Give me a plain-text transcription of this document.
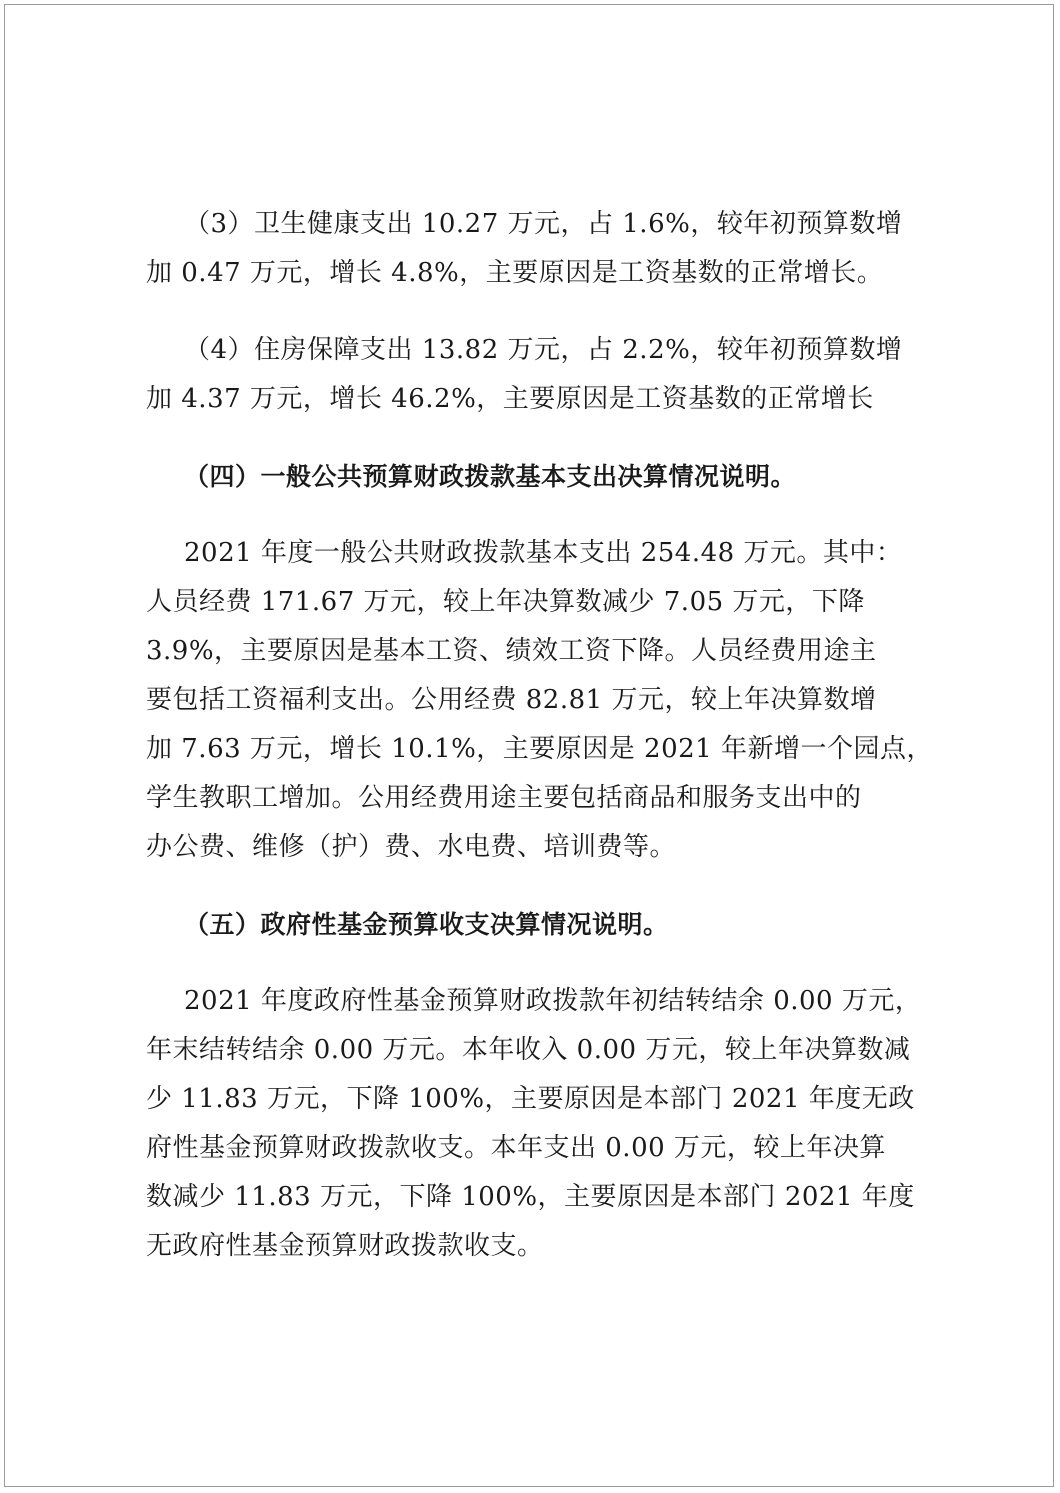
（3）卫生健康支出 10.27 万元，占 1.6%，较年初预算数增
加 0.47 万元，增长 4.8%，主要原因是工资基数的正常增长。

（4）住房保障支出 13.82 万元，占 2.2%，较年初预算数增
加 4.37 万元，增长 46.2%，主要原因是工资基数的正常增长

（四）一般公共预算财政拨款基本支出决算情况说明。

2021 年度一般公共财政拨款基本支出 254.48 万元。其中：
人员经费 171.67 万元，较上年决算数减少 7.05 万元，下降
3.9%，主要原因是基本工资、绩效工资下降。人员经费用途主
要包括工资福利支出。公用经费 82.81 万元，较上年决算数增
加 7.63 万元，增长 10.1%，主要原因是 2021 年新增一个园点，
学生教职工增加。公用经费用途主要包括商品和服务支出中的
办公费、维修（护）费、水电费、培训费等。

（五）政府性基金预算收支决算情况说明。

2021 年度政府性基金预算财政拨款年初结转结余 0.00 万元，
年末结转结余 0.00 万元。本年收入 0.00 万元，较上年决算数减
少 11.83 万元，下降 100%，主要原因是本部门 2021 年度无政
府性基金预算财政拨款收支。本年支出 0.00 万元，较上年决算
数减少 11.83 万元，下降 100%，主要原因是本部门 2021 年度
无政府性基金预算财政拨款收支。
